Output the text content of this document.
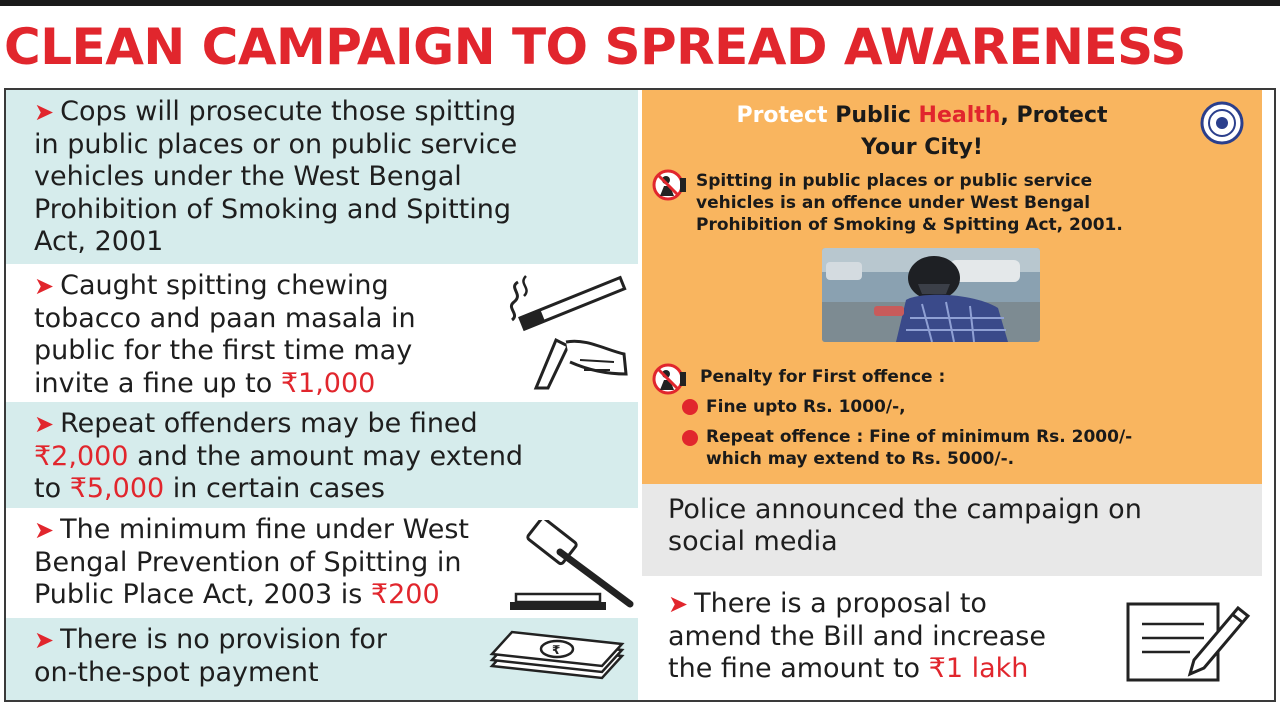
CLEAN CAMPAIGN TO SPREAD AWARENESS
➤ Cops will prosecute those spitting
in public places or on public service
vehicles under the West Bengal
Prohibition of Smoking and Spitting
Act, 2001
➤ Caught spitting chewing
tobacco and paan masala in
public for the first time may
invite a fine up to ₹1,000
➤ Repeat offenders may be fined
₹2,000 and the amount may extend
to ₹5,000 in certain cases
➤ The minimum fine under West
Bengal Prevention of Spitting in
Public Place Act, 2003 is ₹200
➤ There is no provision for
on-the-spot payment
₹
Protect Public Health, Protect
Your City!
Spitting in public places or public service
vehicles is an offence under West Bengal
Prohibition of Smoking & Spitting Act, 2001.
Penalty for First offence :
Fine upto Rs. 1000/-,
Repeat offence : Fine of minimum Rs. 2000/-
which may extend to Rs. 5000/-.
Police announced the campaign on
social media
➤ There is a proposal to
amend the Bill and increase
the fine amount to ₹1 lakh
